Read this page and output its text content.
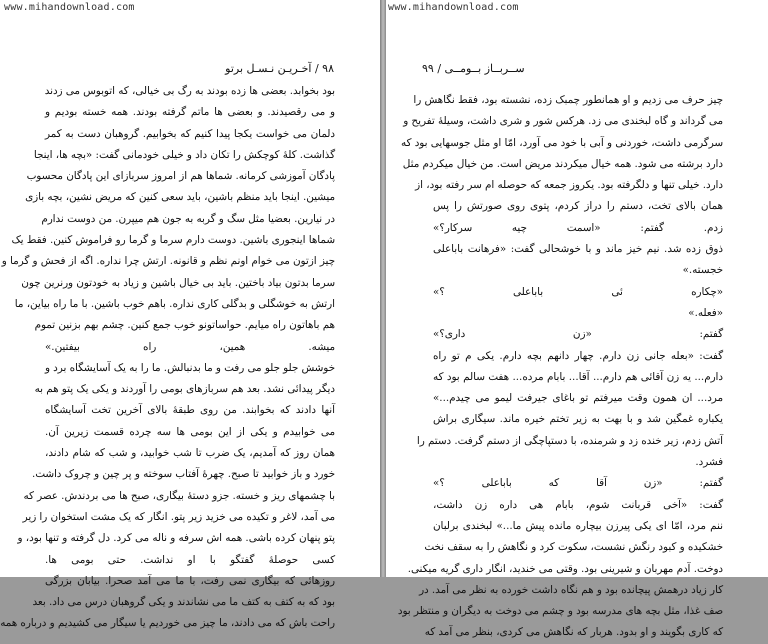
www.mihandownload.com
۹۸ / آخـريـن نـسـل برتو
بود بخوابد. بعضی ها زده بودند به رگ بی خیالی، که اتوبوس می زدند
و می رقصیدند. و بعضی ها ماتم گرفته بودند. همه خسته بودیم و
دلمان می خواست یکجا پیدا کنیم که بخوابیم. گروهبان دست به کمر
گذاشت. کلهٔ کوچکش را تکان داد و خیلی خودمانی گفت: «بچه ها، اینجا
پادگان آموزشی کرمانه. شماها هم از امروز سربازای این پادگان محسوب
میشین. اینجا باید منظم باشین، باید سعی کنین که مریض نشین، بچه بازی
در نیارین. بعضیا مثل سگ و گربه به جون هم میپرن. من دوست ندارم
شماها اینجوری باشین. دوست دارم سرما و گرما رو فراموش کنین. فقط یک
چیز ازتون می خوام اونم نظم و قانونه. ارتش چرا نداره. اگه از فحش و گرما و
سرما بدتون بیاد باختین. باید بی خیال باشین و زیاد به خودتون ورنرین چون
ارتش به خوشگلی و بدگلی کاری نداره. باهم خوب باشین. با ما راه بیاین، ما
هم باهاتون راه میایم. حواساتونو خوب جمع کنین. چشم بهم بزنین تموم
میشه. همین، راه بیفتین.»
خوشش جلو جلو می رفت و ما بدنبالش. ما را به یک آسایشگاه برد و
دیگر پیدائی نشد. بعد هم سربازهای بومی را آوردند و یکی یک پتو هم به
آنها دادند که بخوابند. من روی طبقهٔ بالای آخرین تخت آسایشگاه
می خوابیدم و یکی از این بومی ها سه چرده قسمت زیرین آن.
همان روز که آمدیم، یک ضرب تا شب خوابید، و شب که شام دادند،
خورد و باز خوابید تا صبح. چهرهٔ آفتاب سوخته و پر چین و چروک داشت.
با چشمهای ریز و خسته. جزو دستهٔ بیگاری، صبح ها می بردندش. عصر که
می آمد، لاغر و تکیده می خزید زیر پتو. انگار که یک مشت استخوان را زیر
پتو پنهان کرده باشی. همه اش سرفه و ناله می کرد. دل گرفته و تنها بود، و
کسی حوصلهٔ گفتگو با او نداشت. حتی بومی ها.
روزهائی که بیگاری نمی رفت، با ما می آمد صحرا. بیابان بزرگی
بود که به کتف به کتف ما می نشاندند و یکی گروهبان درس می داد. بعد
راحت باش که می دادند، ما چیز می خوردیم یا سیگار می کشیدیم و درباره همه
www.mihandownload.com
ســربــاز بــومــی / ۹۹
چیز حرف می زدیم و او همانطور چمبک زده، نشسته بود، فقط نگاهش را
می گرداند و گاه لبخندی می زد. هرکس شور و شری داشت، وسیلهٔ تفریح و
سرگرمی داشت، خوردنی و آبی با خود می آورد، امّا او مثل جوسهایی بود که
دارد برشته می شود. همه خیال میکردند مریض است. من خیال میکردم مثل
دارد. خیلی تنها و دلگرفته بود. یکروز جمعه که حوصله ام سر رفته بود، از
همان بالای تخت، دستم را دراز کردم، پتوی روی صورتش را پس
زدم. گفتم: «اسمت چیه سرکار؟»
ذوق زده شد. نیم خیز ماند و با خوشحالی گفت: «فرهانت باباعلی
خجسته.»
«چکاره ئی باباعلی ؟»
«فعله.»
گفتم: «زن داری؟»
گفت: «بعله جانی زن دارم. چهار دانهم بچه دارم. یکی م تو راه
دارم... یه زن آقائی هم دارم... آقا... بابام مرده... هفت سالم بود که
مرد... ان همون وقت میرفتم تو باغای جیرفت لیمو می چیدم...»
یکباره غمگین شد و با بهت به زیر تختم خیره ماند. سیگاری براش
آتش زدم، زیر خنده زد و شرمنده، با دستپاچگی از دستم گرفت. دستم را
فشرد.
گفتم: «زن آقا که باباعلی ؟»
گفت: «آخی قربانت شوم، بابام هی داره زن داشت،
ننم مرد، امّا ای یکی پیرزن بیچاره مانده پیش ما...» لبخندی برلبان
خشکیده و کبود رنگش نشست، سکوت کرد و نگاهش را به سقف نخت
دوخت. آدم مهربان و شیرینی بود. وقتی می خندید، انگار داری گریه میکنی.
کار زیاد درهمش پیچانده بود و هم نگاه داشت خورده به نظر می آمد. در
صف غذا، مثل بچه های مدرسه بود و چشم می دوخت به دیگران و منتظر بود
که کاری بگویند و او بدود. هربار که نگاهش می کردی، بنظر می آمد که
